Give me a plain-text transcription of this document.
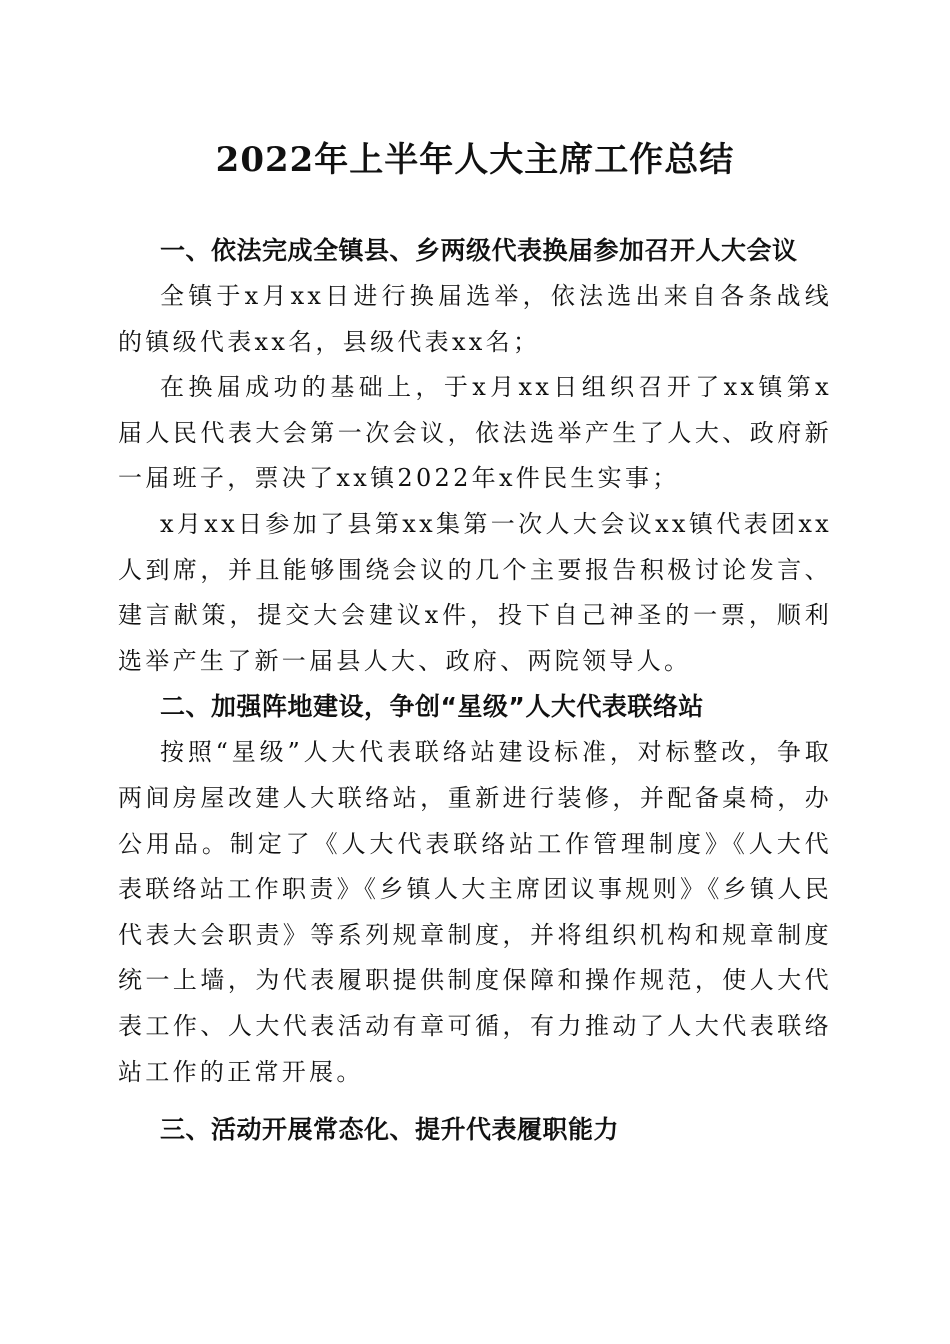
2022年上半年人大主席工作总结

一、依法完成全镇县、乡两级代表换届参加召开人大会议

全镇于x月xx日进行换届选举，依法选出来自各条战线的镇级代表xx名，县级代表xx名；

在换届成功的基础上，于x月xx日组织召开了xx镇第x届人民代表大会第一次会议，依法选举产生了人大、政府新一届班子，票决了xx镇2022年x件民生实事；

x月xx日参加了县第xx集第一次人大会议xx镇代表团xx人到席，并且能够围绕会议的几个主要报告积极讨论发言、建言献策，提交大会建议x件，投下自己神圣的一票，顺利选举产生了新一届县人大、政府、两院领导人。

二、加强阵地建设，争创“星级”人大代表联络站

按照“星级”人大代表联络站建设标准，对标整改，争取两间房屋改建人大联络站，重新进行装修，并配备桌椅，办公用品。制定了《人大代表联络站工作管理制度》《人大代表联络站工作职责》《乡镇人大主席团议事规则》《乡镇人民代表大会职责》等系列规章制度，并将组织机构和规章制度统一上墙，为代表履职提供制度保障和操作规范，使人大代表工作、人大代表活动有章可循，有力推动了人大代表联络站工作的正常开展。

三、活动开展常态化、提升代表履职能力
